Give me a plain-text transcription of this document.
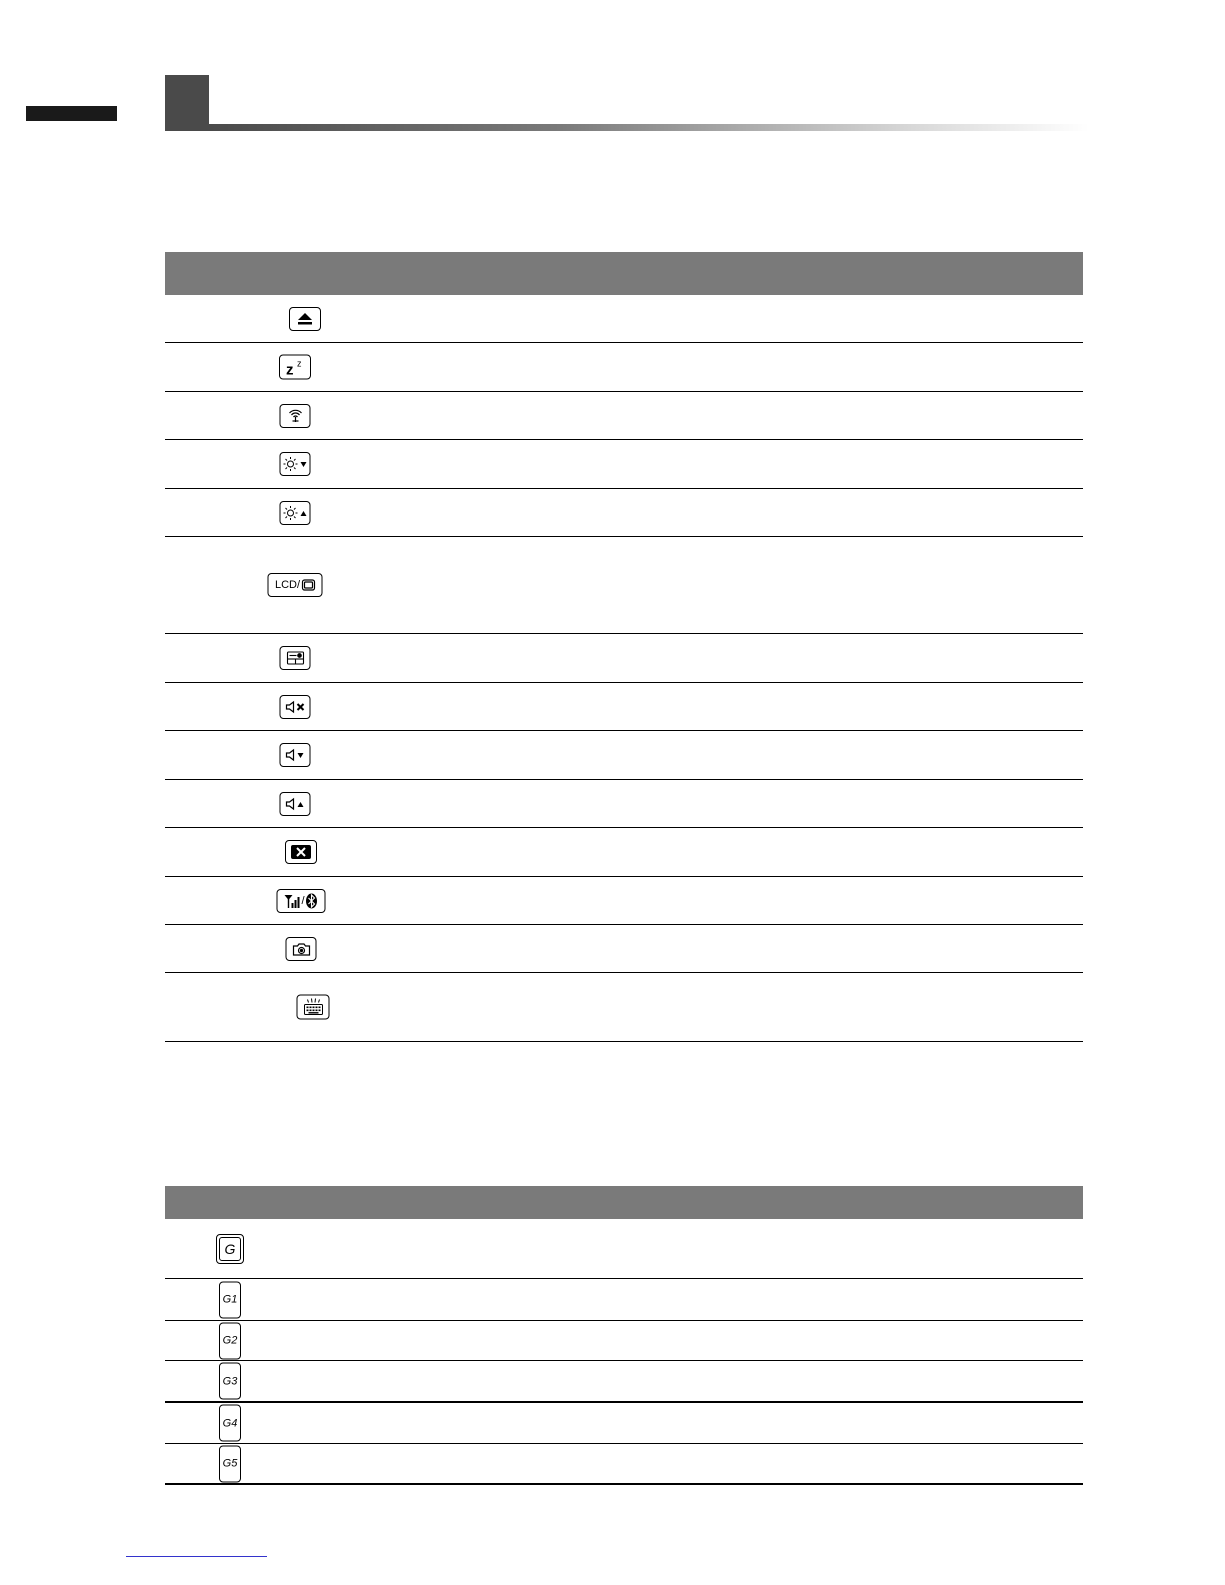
z z
LCD/
/
G
G1
G2
G3
G4
G5
